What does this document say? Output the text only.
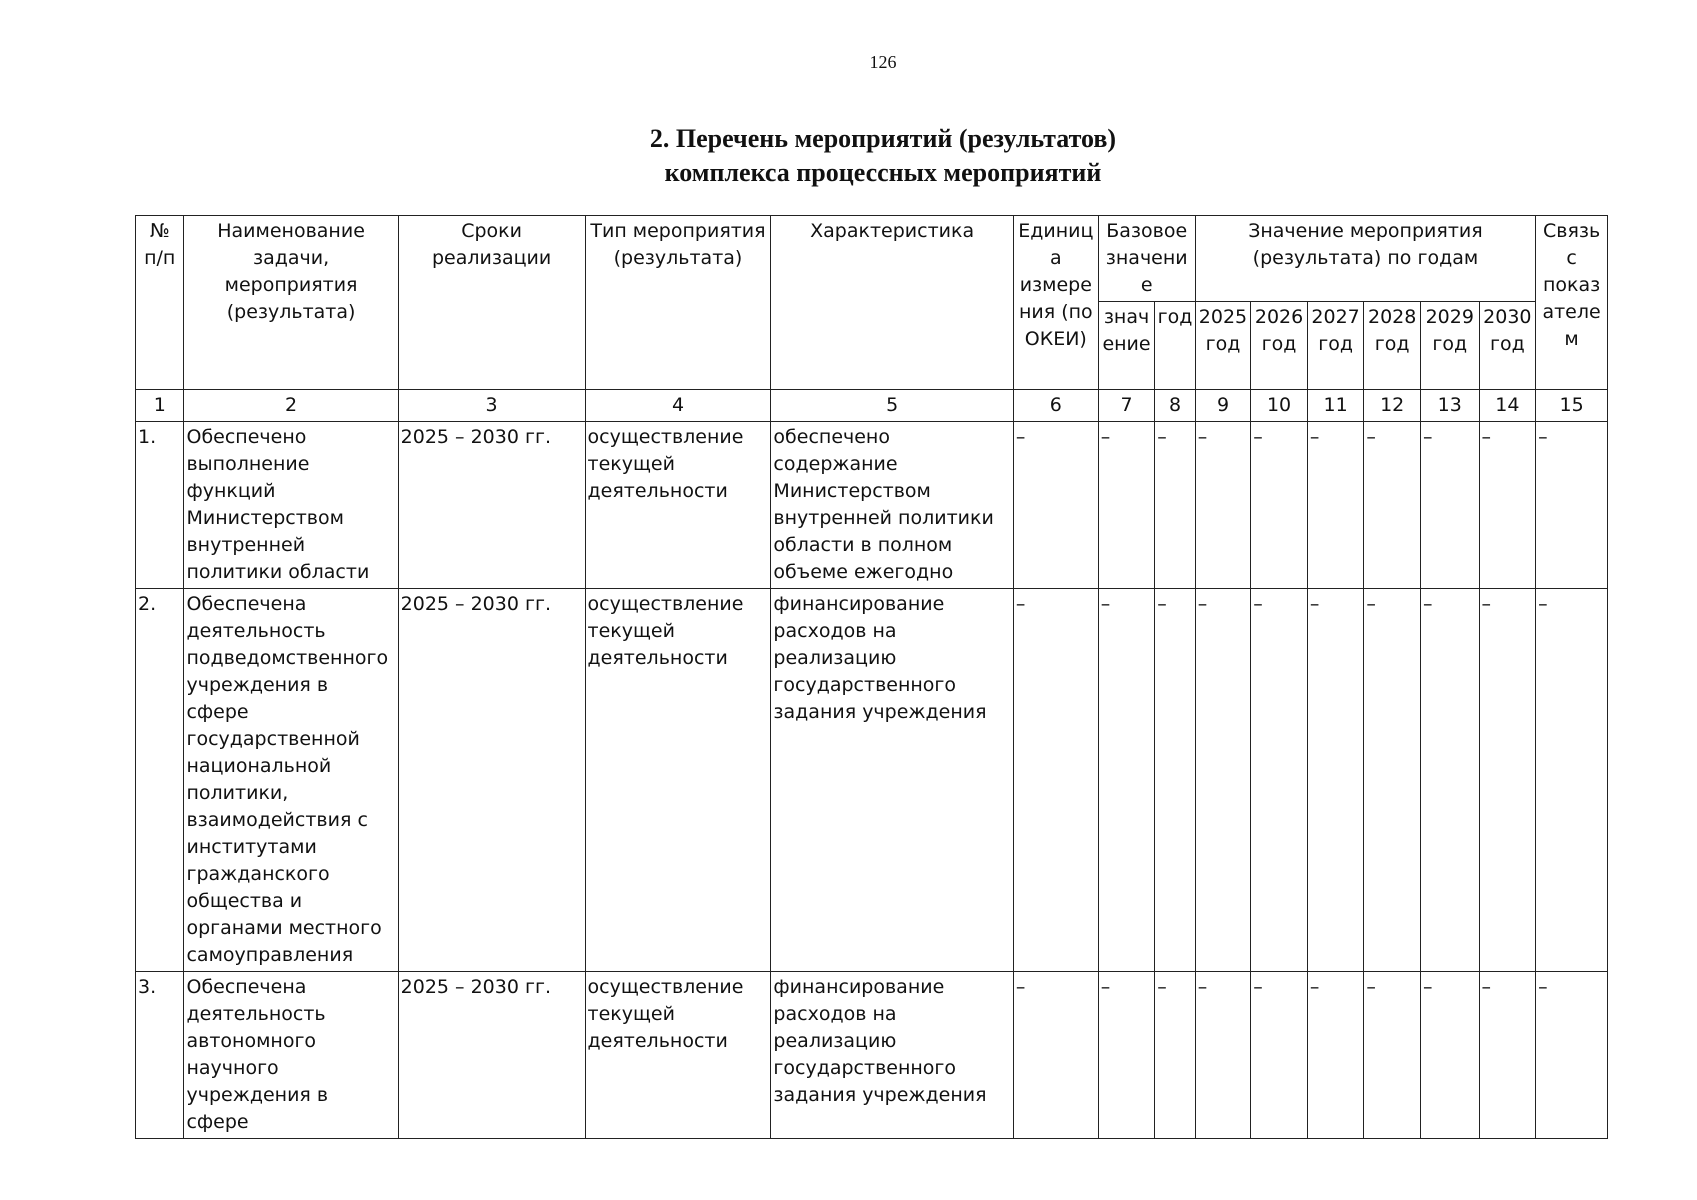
126
2. Перечень мероприятий (результатов)
комплекса процессных мероприятий
№ п/п	Наименование задачи, мероприятия (результата)	Сроки реализации	Тип мероприятия (результата)	Характеристика	Единица измерения (по ОКЕИ)	Базовое значение		Значение мероприятия (результата) по годам						Связь с показателем
						значение	год	2025 год	2026 год	2027 год	2028 год	2029 год	2030 год	
1	2	3	4	5	6	7	8	9	10	11	12	13	14	15
1.	Обеспечено выполнение функций Министерством внутренней политики области	2025 – 2030 гг.	осуществление текущей деятельности	обеспечено содержание Министерством внутренней политики области в полном объеме ежегодно	–	–	–	–	–	–	–	–	–	–
2.	Обеспечена деятельность подведомственного учреждения в сфере государственной национальной политики, взаимодействия с институтами гражданского общества и органами местного самоуправления	2025 – 2030 гг.	осуществление текущей деятельности	финансирование расходов на реализацию государственного задания учреждения	–	–	–	–	–	–	–	–	–	–
3.	Обеспечена деятельность автономного научного учреждения в сфере	2025 – 2030 гг.	осуществление текущей деятельности	финансирование расходов на реализацию государственного задания учреждения	–	–	–	–	–	–	–	–	–	–
